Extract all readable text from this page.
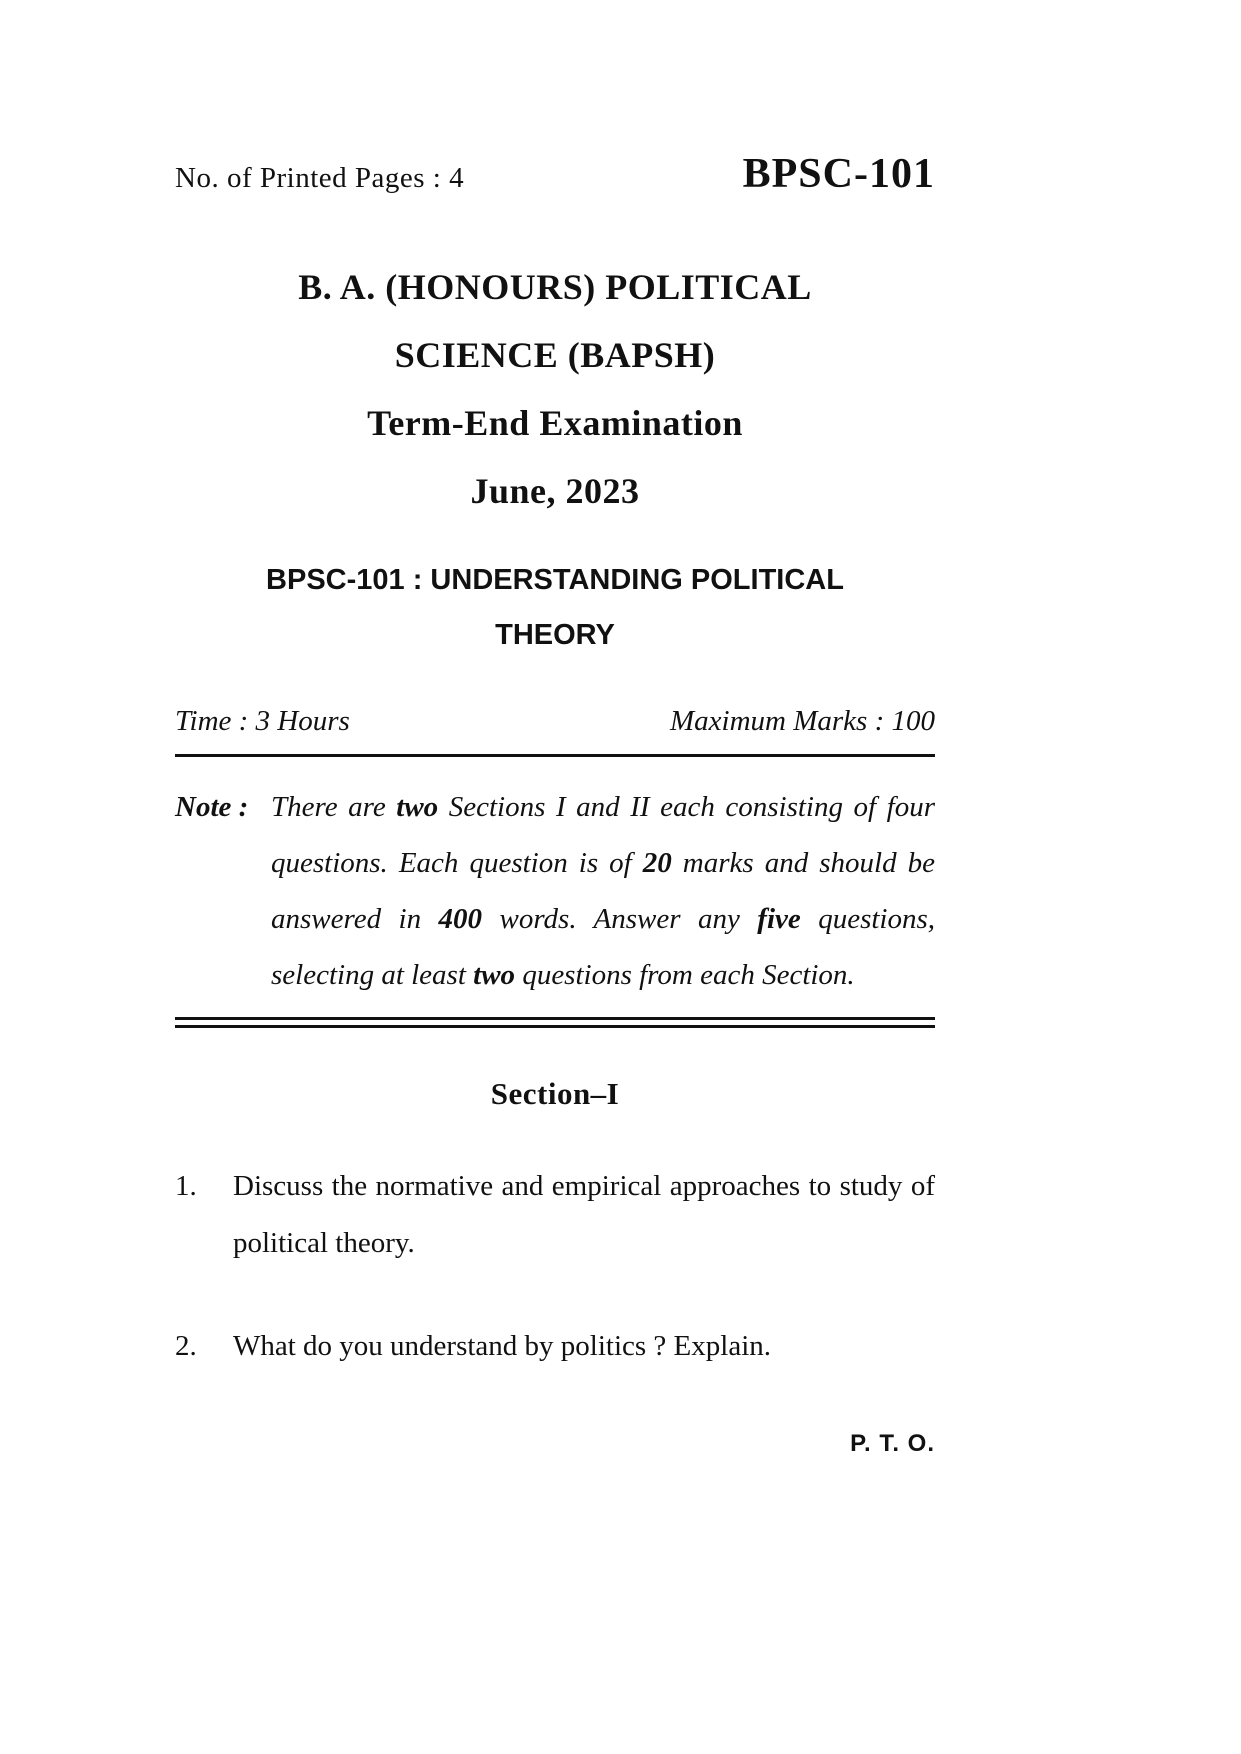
No. of Printed Pages : 4	BPSC-101
B. A. (HONOURS) POLITICAL
SCIENCE (BAPSH)
Term-End Examination
June, 2023
BPSC-101 : UNDERSTANDING POLITICAL
THEORY
Time : 3 Hours	Maximum Marks : 100
Note : There are two Sections I and II each consisting of four questions. Each question is of 20 marks and should be answered in 400 words. Answer any five questions, selecting at least two questions from each Section.
Section–I
1. Discuss the normative and empirical approaches to study of political theory.
2. What do you understand by politics ? Explain.
P. T. O.
